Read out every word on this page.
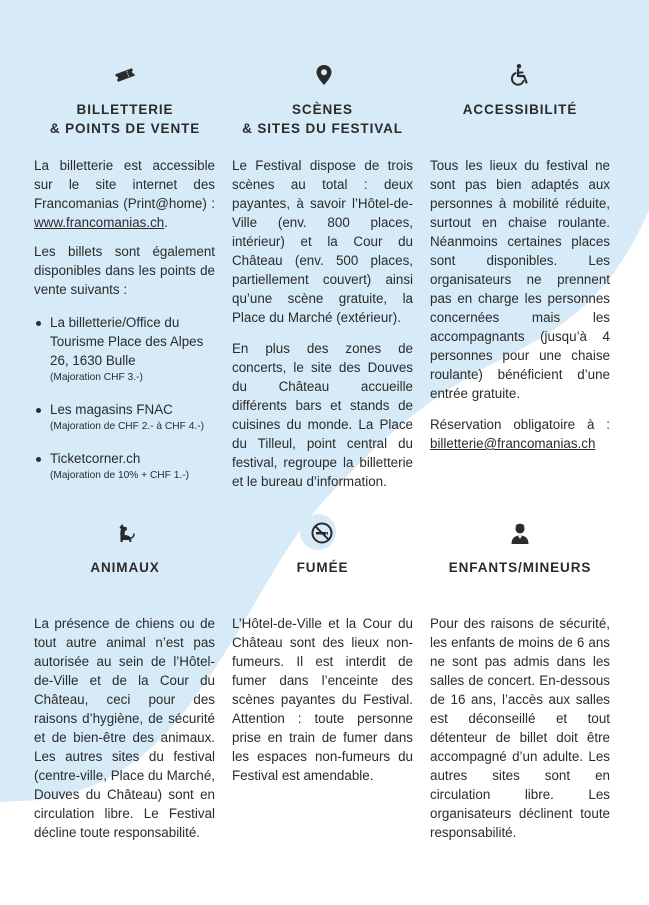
BILLETTERIE
& POINTS DE VENTE

La billetterie est accessible sur le site internet des Francomanias (Print@home) : www.francomanias.ch.

Les billets sont également disponibles dans les points de vente suivants :

La billetterie/Office du Tourisme Place des Alpes 26, 1630 Bulle
(Majoration CHF 3.-)
Les magasins FNAC
(Majoration de CHF 2.- à CHF 4.-)
Ticketcorner.ch
(Majoration de 10% + CHF 1.-)
SCÈNES
& SITES DU FESTIVAL

Le Festival dispose de trois scènes au total : deux payantes, à savoir l’Hôtel-de-Ville (env. 800 places, intérieur) et la Cour du Château (env. 500 places, partiellement couvert) ainsi qu’une scène gratuite, la Place du Marché (extérieur).

En plus des zones de concerts, le site des Douves du Château accueille différents bars et stands de cuisines du monde. La Place du Tilleul, point central du festival, regroupe la billetterie et le bureau d’information.

ACCESSIBILITÉ

Tous les lieux du festival ne sont pas bien adaptés aux personnes à mobilité réduite, surtout en chaise roulante. Néanmoins certaines places sont disponibles. Les organisateurs ne prennent pas en charge les personnes concernées mais les accompagnants (jusqu’à 4 personnes pour une chaise roulante) bénéficient d’une entrée gratuite.

Réservation obligatoire à : billetterie@francomanias.ch

ANIMAUX

La présence de chiens ou de tout autre animal n’est pas autorisée au sein de l’Hôtel-de-Ville et de la Cour du Château, ceci pour des raisons d’hygiène, de sécurité et de bien-être des animaux. Les autres sites du festival (centre-ville, Place du Marché, Douves du Château) sont en circulation libre. Le Festival décline toute responsabilité.

FUMÉE

L’Hôtel-de-Ville et la Cour du Château sont des lieux non-fumeurs. Il est interdit de fumer dans l’enceinte des scènes payantes du Festival. Attention : toute personne prise en train de fumer dans les espaces non-fumeurs du Festival est amendable.

ENFANTS/MINEURS

Pour des raisons de sécurité, les enfants de moins de 6 ans ne sont pas admis dans les salles de concert. En-dessous de 16 ans, l’accès aux salles est déconseillé et tout détenteur de billet doit être accompagné d’un adulte. Les autres sites sont en circulation libre. Les organisateurs déclinent toute responsabilité.
